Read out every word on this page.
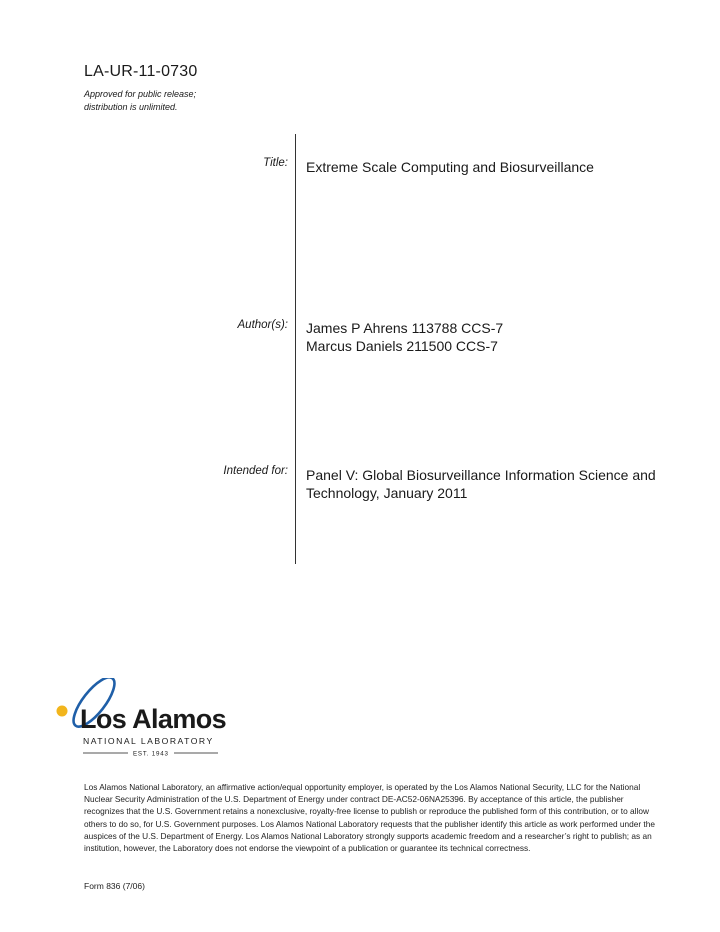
LA-UR-11-0730
Approved for public release;
distribution is unlimited.
Title: Extreme Scale Computing and Biosurveillance
Author(s): James P Ahrens 113788 CCS-7
Marcus Daniels 211500 CCS-7
Intended for: Panel V: Global Biosurveillance Information Science and
Technology, January 2011
Los Alamos
NATIONAL LABORATORY
EST. 1943
Los Alamos National Laboratory, an affirmative action/equal opportunity employer, is operated by the Los Alamos National Security, LLC for the National Nuclear Security Administration of the U.S. Department of Energy under contract DE-AC52-06NA25396. By acceptance of this article, the publisher recognizes that the U.S. Government retains a nonexclusive, royalty-free license to publish or reproduce the published form of this contribution, or to allow others to do so, for U.S. Government purposes. Los Alamos National Laboratory requests that the publisher identify this article as work performed under the auspices of the U.S. Department of Energy. Los Alamos National Laboratory strongly supports academic freedom and a researcher’s right to publish; as an institution, however, the Laboratory does not endorse the viewpoint of a publication or guarantee its technical correctness.
Form 836 (7/06)
